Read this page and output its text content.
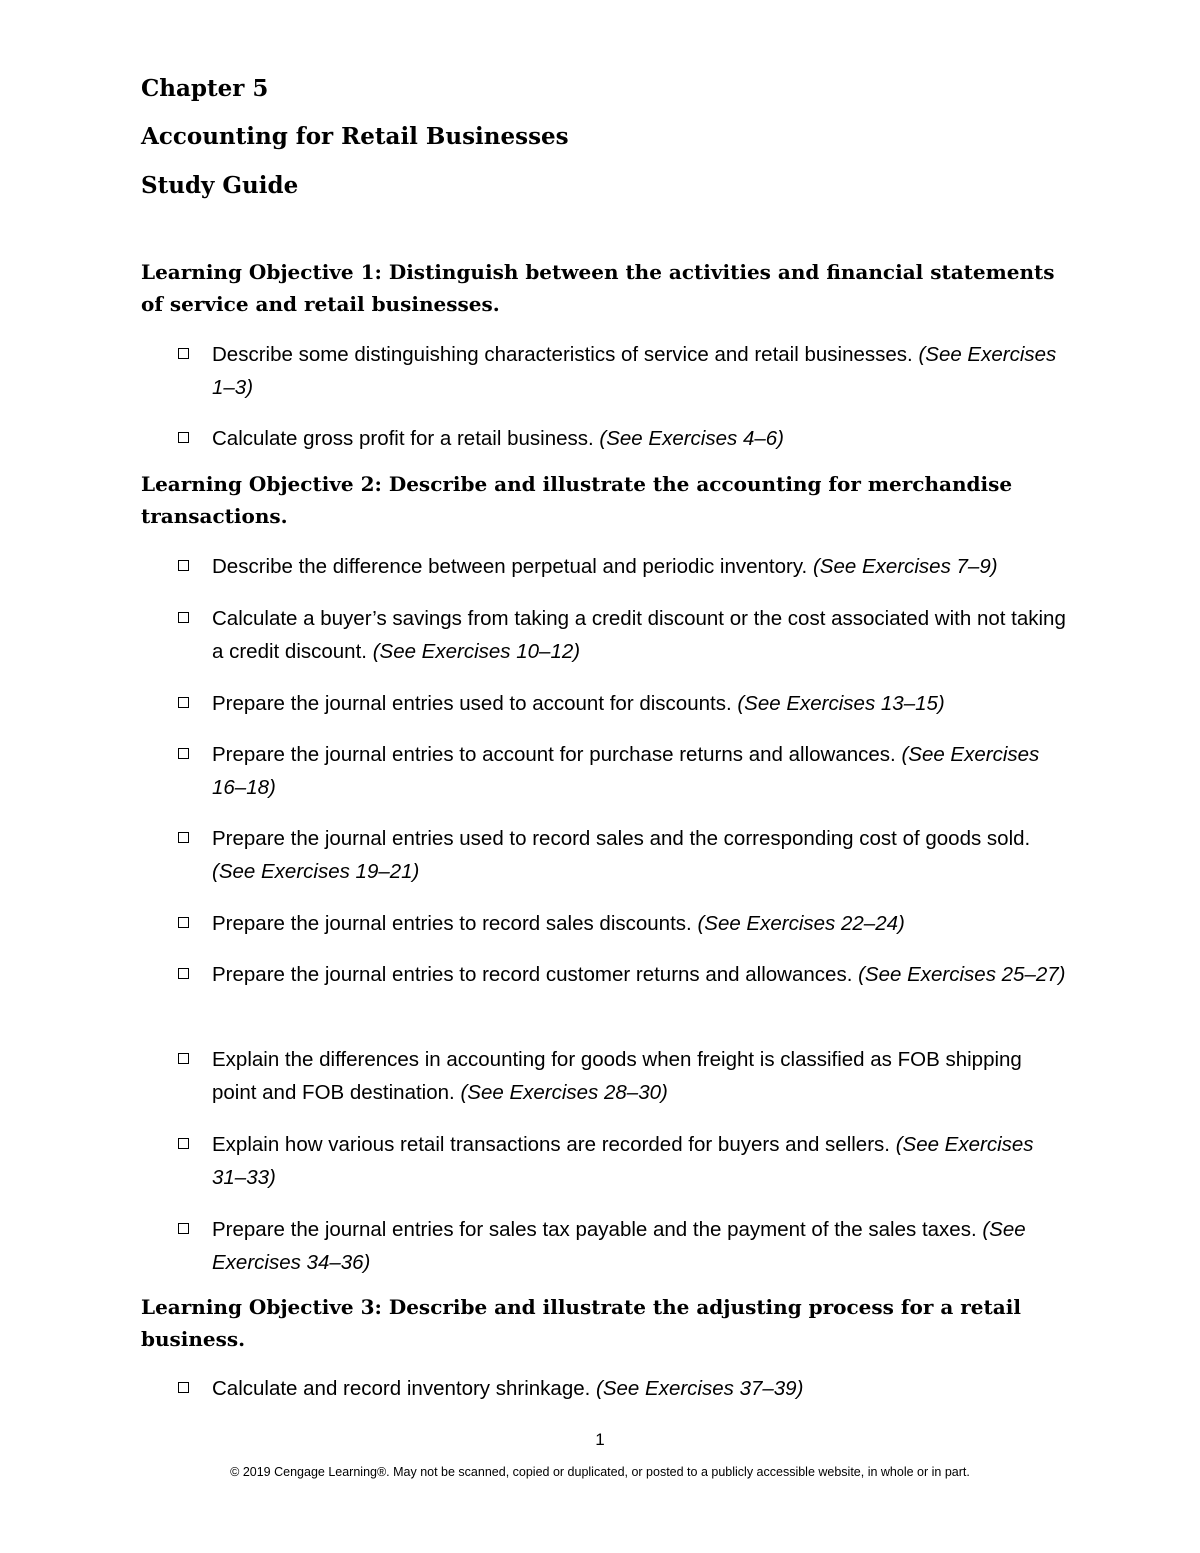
Chapter 5
Accounting for Retail Businesses
Study Guide
Learning Objective 1: Distinguish between the activities and financial statements of service and retail businesses.
Describe some distinguishing characteristics of service and retail businesses. (See Exercises 1–3)
Calculate gross profit for a retail business. (See Exercises 4–6)
Learning Objective 2: Describe and illustrate the accounting for merchandise transactions.
Describe the difference between perpetual and periodic inventory. (See Exercises 7–9)
Calculate a buyer’s savings from taking a credit discount or the cost associated with not taking a credit discount. (See Exercises 10–12)
Prepare the journal entries used to account for discounts. (See Exercises 13–15)
Prepare the journal entries to account for purchase returns and allowances. (See Exercises 16–18)
Prepare the journal entries used to record sales and the corresponding cost of goods sold. (See Exercises 19–21)
Prepare the journal entries to record sales discounts. (See Exercises 22–24)
Prepare the journal entries to record customer returns and allowances. (See Exercises 25–27)
Explain the differences in accounting for goods when freight is classified as FOB shipping point and FOB destination. (See Exercises 28–30)
Explain how various retail transactions are recorded for buyers and sellers. (See Exercises 31–33)
Prepare the journal entries for sales tax payable and the payment of the sales taxes. (See Exercises 34–36)
Learning Objective 3: Describe and illustrate the adjusting process for a retail business.
Calculate and record inventory shrinkage. (See Exercises 37–39)
1
© 2019 Cengage Learning®. May not be scanned, copied or duplicated, or posted to a publicly accessible website, in whole or in part.
